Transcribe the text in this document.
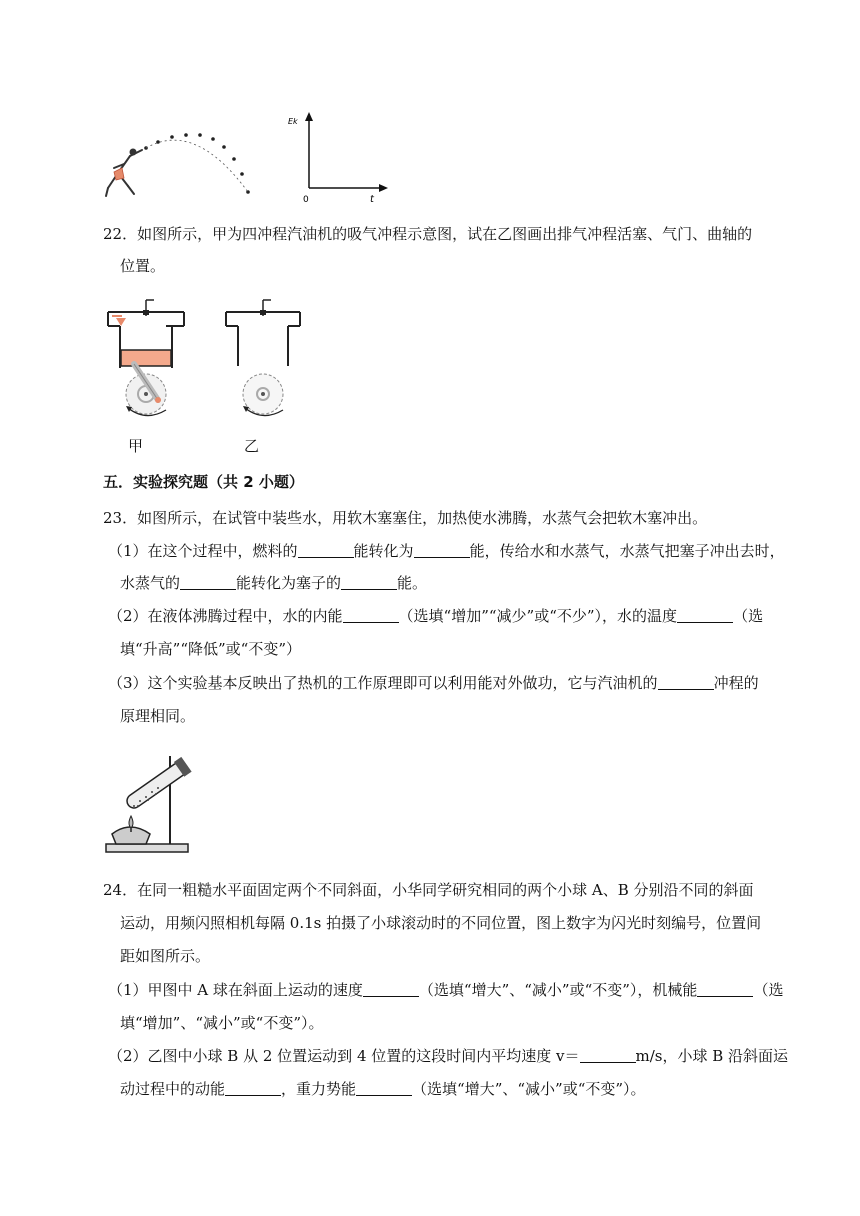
Ek
0	t
22．如图所示，甲为四冲程汽油机的吸气冲程示意图，试在乙图画出排气冲程活塞、气门、曲轴的
位置。
甲	乙
五．实验探究题（共 2 小题）
23．如图所示，在试管中装些水，用软木塞塞住，加热使水沸腾，水蒸气会把软木塞冲出。
（1）在这个过程中，燃料的	能转化为	能，传给水和水蒸气，水蒸气把塞子冲出去时，
水蒸气的	能转化为塞子的	能。
（2）在液体沸腾过程中，水的内能	（选填“增加”“减少”或“不少”），水的温度	（选
填“升高”“降低”或“不变”）
（3）这个实验基本反映出了热机的工作原理即可以利用能对外做功，它与汽油机的	冲程的
原理相同。
24．在同一粗糙水平面固定两个不同斜面，小华同学研究相同的两个小球 A、B 分别沿不同的斜面
运动，用频闪照相机每隔 0.1s 拍摄了小球滚动时的不同位置，图上数字为闪光时刻编号，位置间
距如图所示。
（1）甲图中 A 球在斜面上运动的速度	（选填“增大”、“减小”或“不变”），机械能	（选
填“增加”、“减小”或“不变”）。
（2）乙图中小球 B 从 2 位置运动到 4 位置的这段时间内平均速度 v＝	m/s，小球 B 沿斜面运
动过程中的动能	，重力势能	（选填“增大”、“减小”或“不变”）。
